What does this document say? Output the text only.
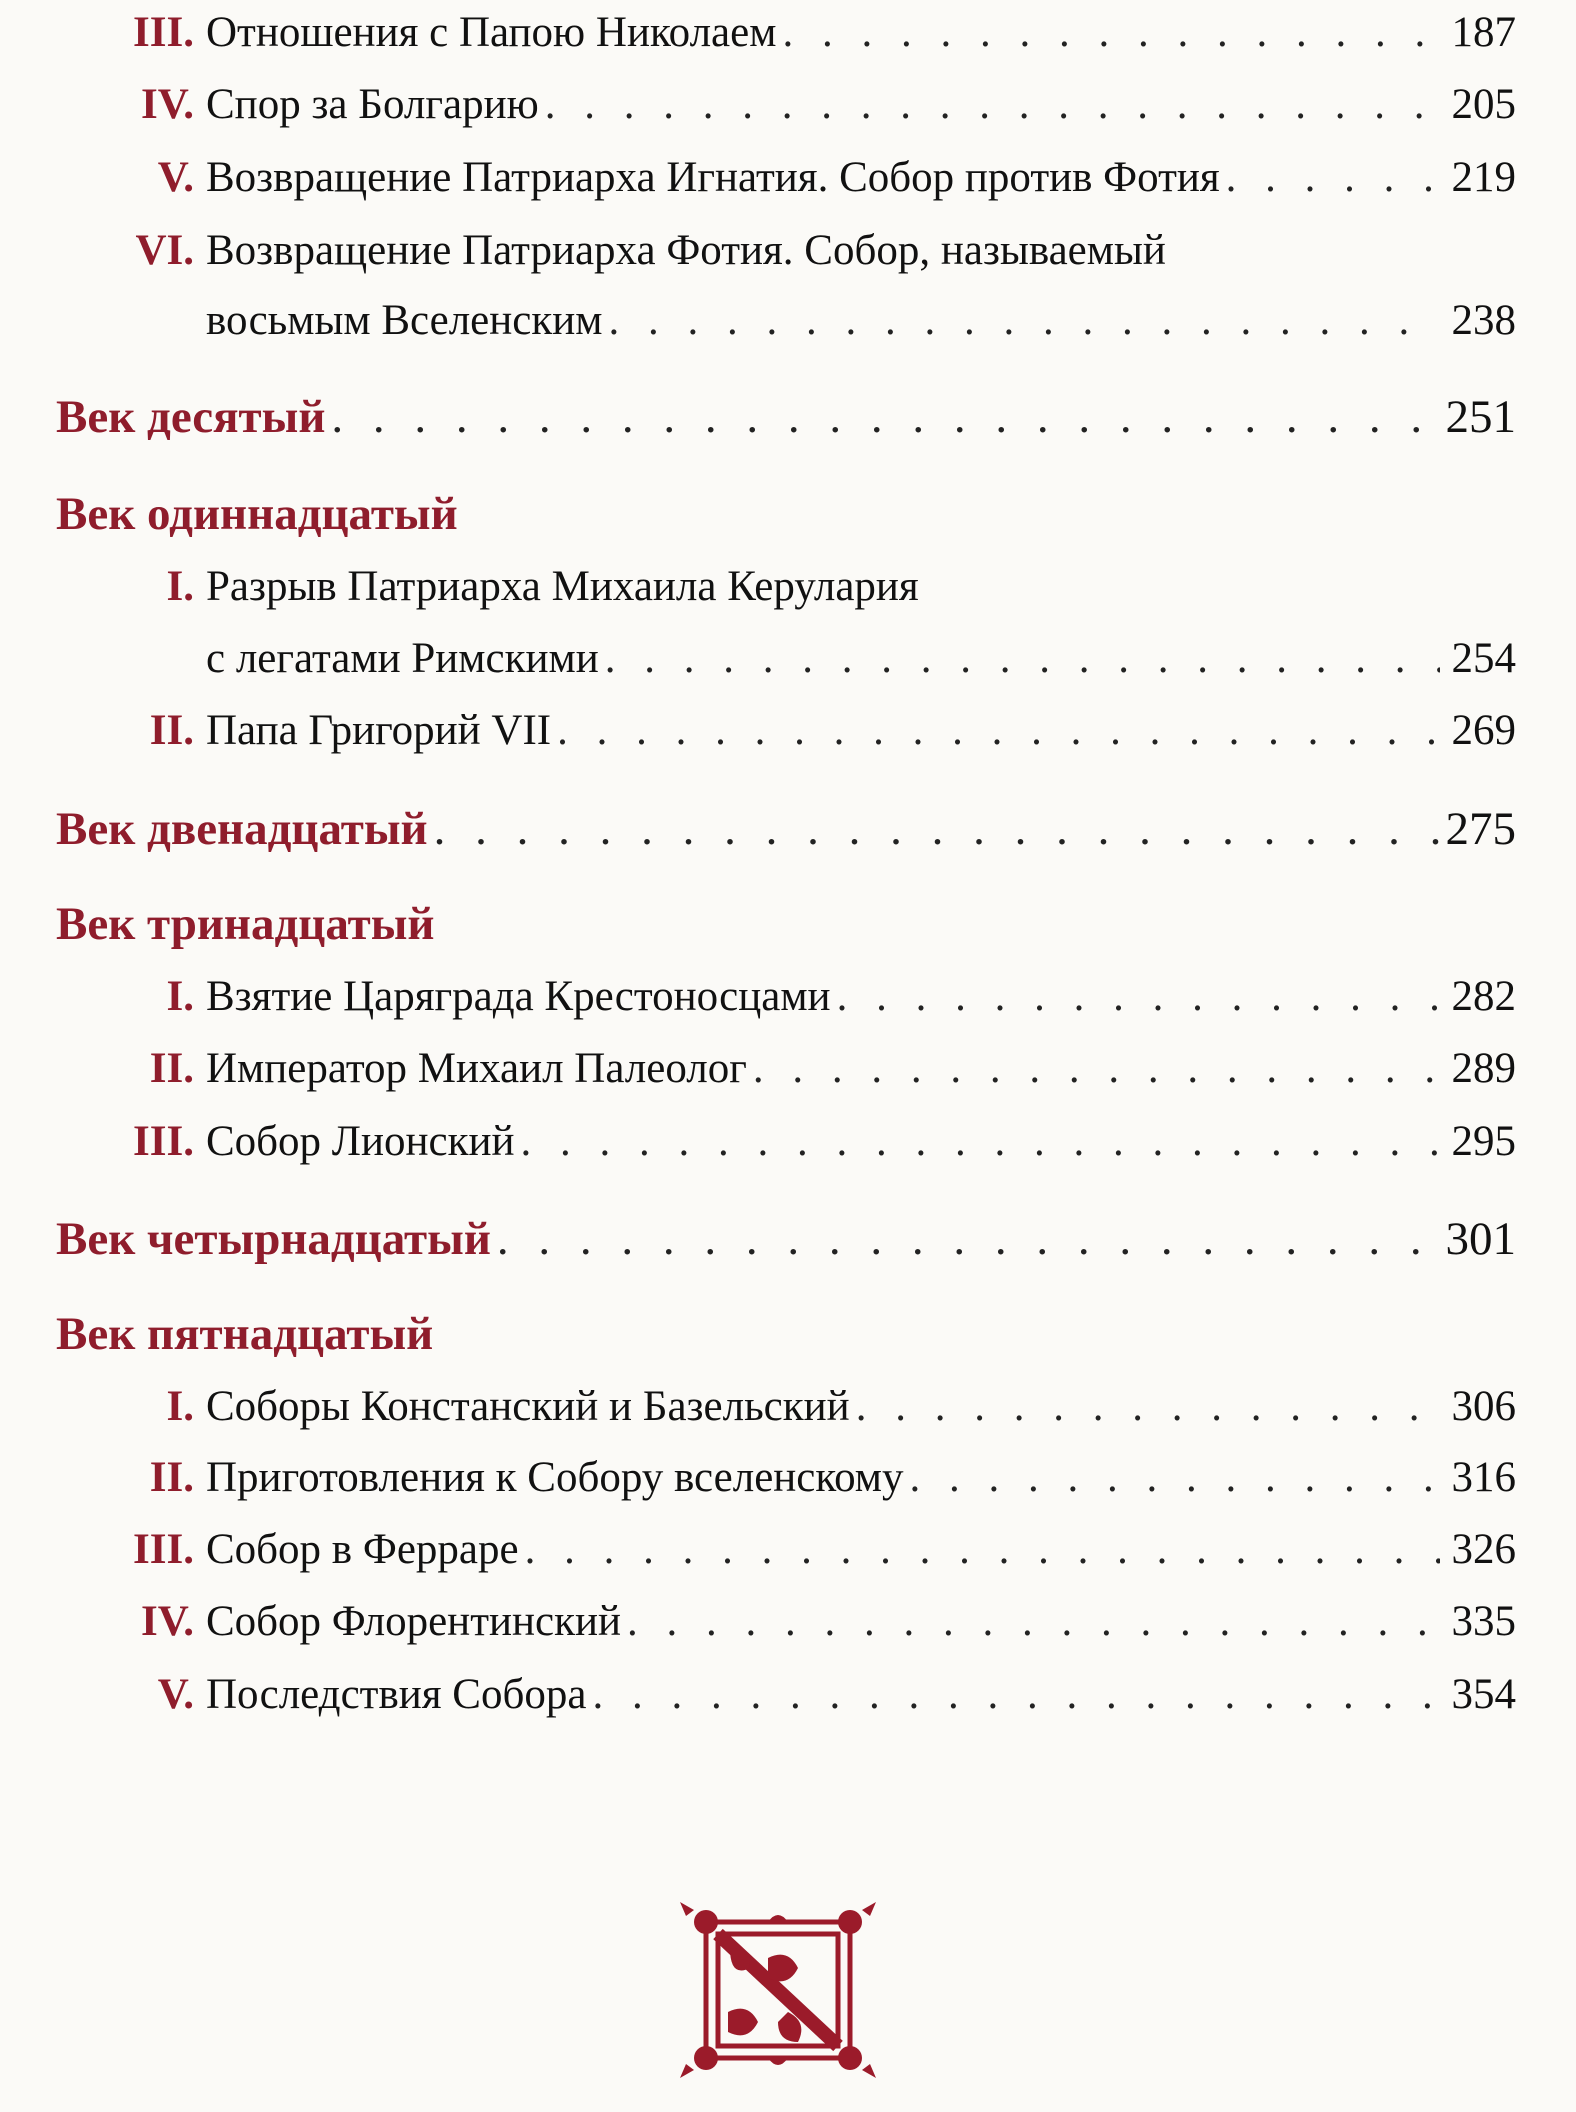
III. Отношения с Папою Николаем . . .	187
IV. Спор за Болгарию . . .	205
V. Возвращение Патриарха Игнатия. Собор против Фотия . . .	219
VI. Возвращение Патриарха Фотия. Собор, называемый
восьмым Вселенским . . .	238
Век десятый . . .	251
Век одиннадцатый
I. Разрыв Патриарха Михаила Керулария
с легатами Римскими . . .	254
II. Папа Григорий VII . . .	269
Век двенадцатый . . .	275
Век тринадцатый
I. Взятие Царяграда Крестоносцами . . .	282
II. Император Михаил Палеолог . . .	289
III. Собор Лионский . . .	295
Век четырнадцатый . . .	301
Век пятнадцатый
I. Соборы Констанский и Базельский . . .	306
II. Приготовления к Собору вселенскому . . .	316
III. Собор в Ферраре . . .	326
IV. Собор Флорентинский . . .	335
V. Последствия Собора . . .	354
